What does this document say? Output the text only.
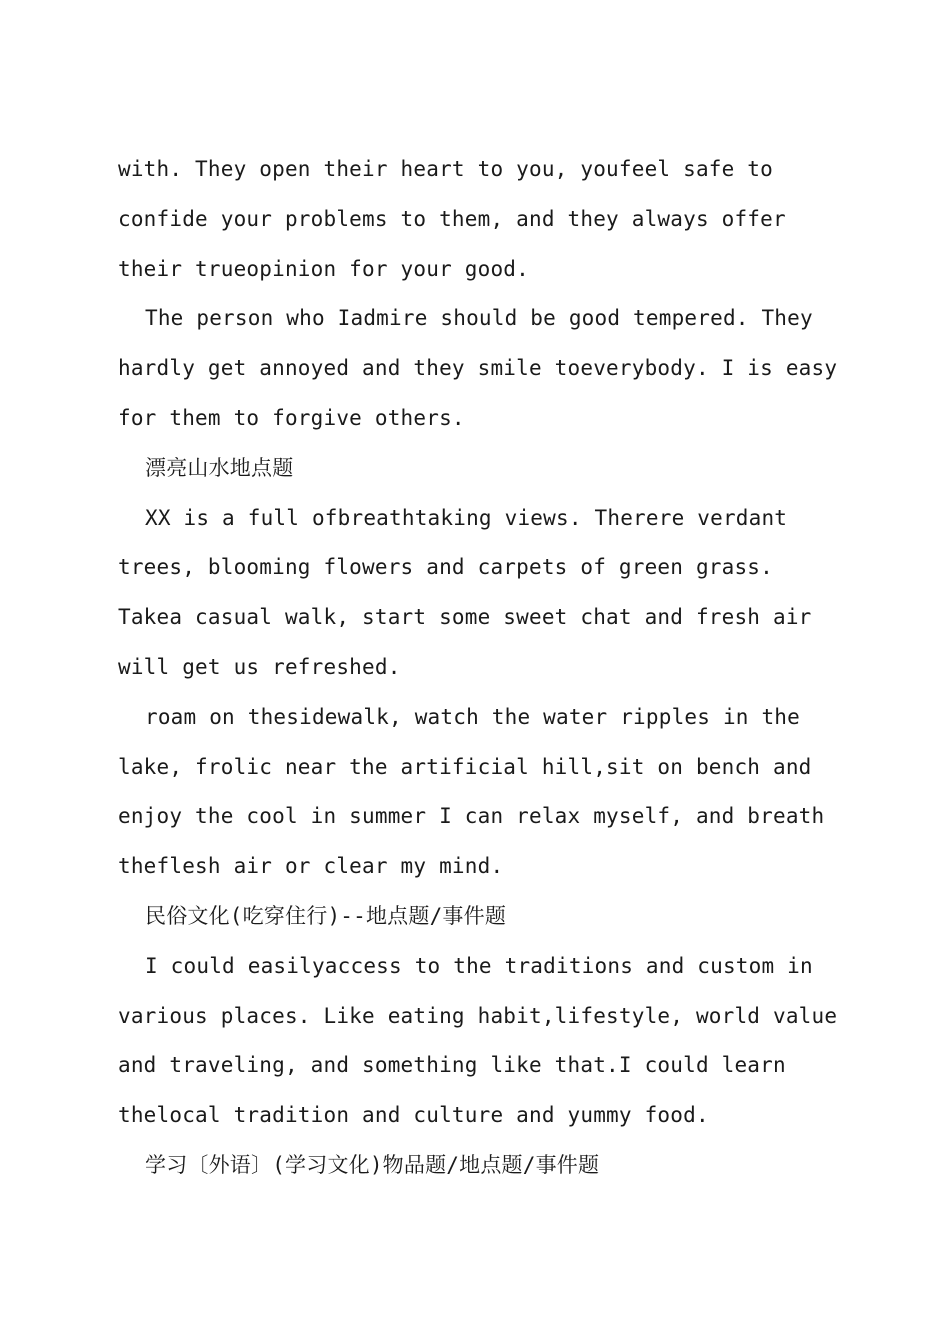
with. They open their heart to you, youfeel safe to
confide your problems to them, and they always offer
their trueopinion for your good.
The person who Iadmire should be good tempered. They
hardly get annoyed and they smile toeverybody. I is easy
for them to forgive others.
漂亮山水地点题
XX is a full ofbreathtaking views. Therere verdant
trees, blooming flowers and carpets of green grass.
Takea casual walk, start some sweet chat and fresh air
will get us refreshed.
roam on thesidewalk, watch the water ripples in the
lake, frolic near the artificial hill,sit on bench and
enjoy the cool in summer I can relax myself, and breath
theflesh air or clear my mind.
民俗文化(吃穿住行)--地点题/事件题
I could easilyaccess to the traditions and custom in
various places. Like eating habit,lifestyle, world value
and traveling, and something like that.I could learn
thelocal tradition and culture and yummy food.
学习〔外语〕(学习文化)物品题/地点题/事件题
